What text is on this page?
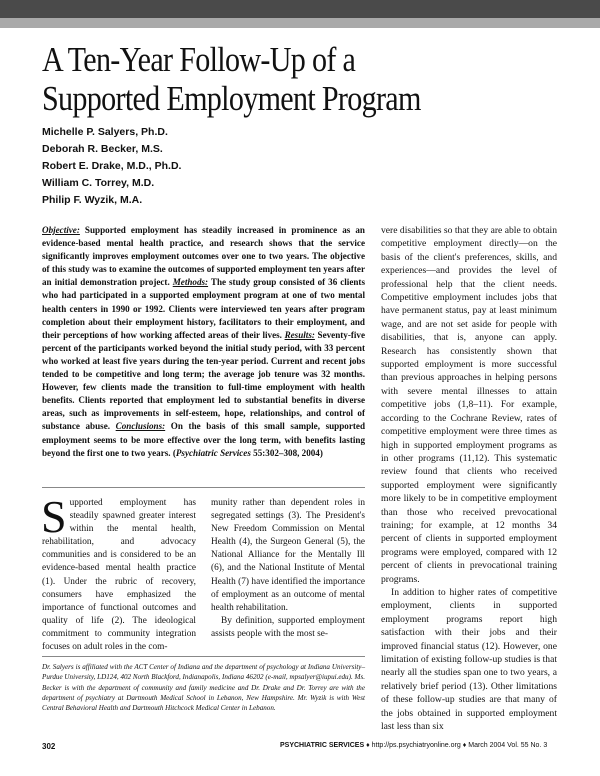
A Ten-Year Follow-Up of a
Supported Employment Program
Michelle P. Salyers, Ph.D.
Deborah R. Becker, M.S.
Robert E. Drake, M.D., Ph.D.
William C. Torrey, M.D.
Philip F. Wyzik, M.A.
Objective: Supported employment has steadily increased in prominence as an evidence-based mental health practice, and research shows that the service significantly improves employment outcomes over one to two years. The objective of this study was to examine the outcomes of supported employment ten years after an initial demonstration project. Methods: The study group consisted of 36 clients who had participated in a supported employment program at one of two mental health centers in 1990 or 1992. Clients were interviewed ten years after program completion about their employment history, facilitators to their employment, and their perceptions of how working affected areas of their lives. Results: Seventy-five percent of the participants worked beyond the initial study period, with 33 percent who worked at least five years during the ten-year period. Current and recent jobs tended to be competitive and long term; the average job tenure was 32 months. However, few clients made the transition to full-time employment with health benefits. Clients reported that employment led to substantial benefits in diverse areas, such as improvements in self-esteem, hope, relationships, and control of substance abuse. Conclusions: On the basis of this small sample, supported employment seems to be more effective over the long term, with benefits lasting beyond the first one to two years. (Psychiatric Services 55:302–308, 2004)

Supported employment has steadily spawned greater interest within the mental health, rehabilitation, and advocacy communities and is considered to be an evidence-based mental health practice (1). Under the rubric of recovery, consumers have emphasized the importance of functional outcomes and quality of life (2). The ideological commitment to community integration focuses on adult roles in the com-

munity rather than dependent roles in segregated settings (3). The President's New Freedom Commission on Mental Health (4), the Surgeon General (5), the National Alliance for the Mentally Ill (6), and the National Institute of Mental Health (7) have identified the importance of employment as an outcome of mental health rehabilitation.

By definition, supported employment assists people with the most se-

vere disabilities so that they are able to obtain competitive employment directly—on the basis of the client's preferences, skills, and experiences—and provides the level of professional help that the client needs. Competitive employment includes jobs that have permanent status, pay at least minimum wage, and are not set aside for people with disabilities, that is, anyone can apply. Research has consistently shown that supported employment is more successful than previous approaches in helping persons with severe mental illnesses to attain competitive jobs (1,8–11). For example, according to the Cochrane Review, rates of competitive employment were three times as high in supported employment programs as in other programs (11,12). This systematic review found that clients who received supported employment were significantly more likely to be in competitive employment than those who received prevocational training; for example, at 12 months 34 percent of clients in supported employment programs were employed, compared with 12 percent of clients in prevocational training programs.

In addition to higher rates of competitive employment, clients in supported employment programs report high satisfaction with their jobs and their improved financial status (12). However, one limitation of existing follow-up studies is that nearly all the studies span one to two years, a relatively brief period (13). Other limitations of these follow-up studies are that many of the jobs obtained in supported employment last less than six

Dr. Salyers is affiliated with the ACT Center of Indiana and the department of psychology at Indiana University–Purdue University, LD124, 402 North Blackford, Indianapolis, Indiana 46202 (e-mail, mpsalyer@iupui.edu). Ms. Becker is with the department of community and family medicine and Dr. Drake and Dr. Torrey are with the department of psychiatry at Dartmouth Medical School in Lebanon, New Hampshire. Mr. Wyzik is with West Central Behavioral Health and Dartmouth Hitchcock Medical Center in Lebanon.
302	PSYCHIATRIC SERVICES ♦ http://ps.psychiatryonline.org ♦ March 2004 Vol. 55 No. 3
